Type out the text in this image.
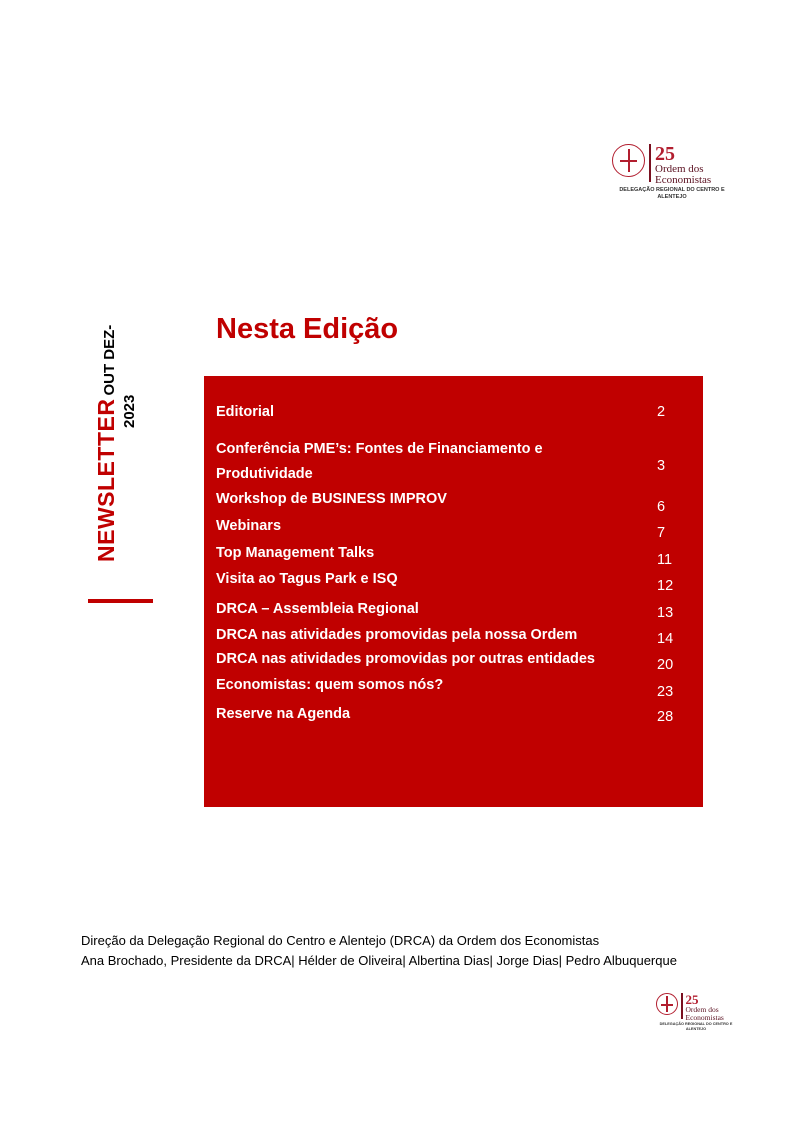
25
Ordem dos
Economistas
DELEGAÇÃO REGIONAL DO CENTRO E ALENTEJO
NEWSLETTEROUT DEZ-
2023
Nesta Edição
Editorial	2
Conferência PME’s: Fontes de Financiamento e Produtividade	3
Workshop de BUSINESS IMPROV	6
Webinars	7
Top Management Talks	11
Visita ao Tagus Park e ISQ	12
DRCA – Assembleia Regional	13
DRCA nas atividades promovidas pela nossa Ordem	14
DRCA nas atividades promovidas por outras entidades	20
Economistas: quem somos nós?	23
Reserve na Agenda	28
Direção da Delegação Regional do Centro e Alentejo (DRCA) da Ordem dos Economistas
Ana Brochado, Presidente da DRCA| Hélder de Oliveira| Albertina Dias| Jorge Dias| Pedro Albuquerque
25
Ordem dos
Economistas
DELEGAÇÃO REGIONAL DO CENTRO E ALENTEJO
